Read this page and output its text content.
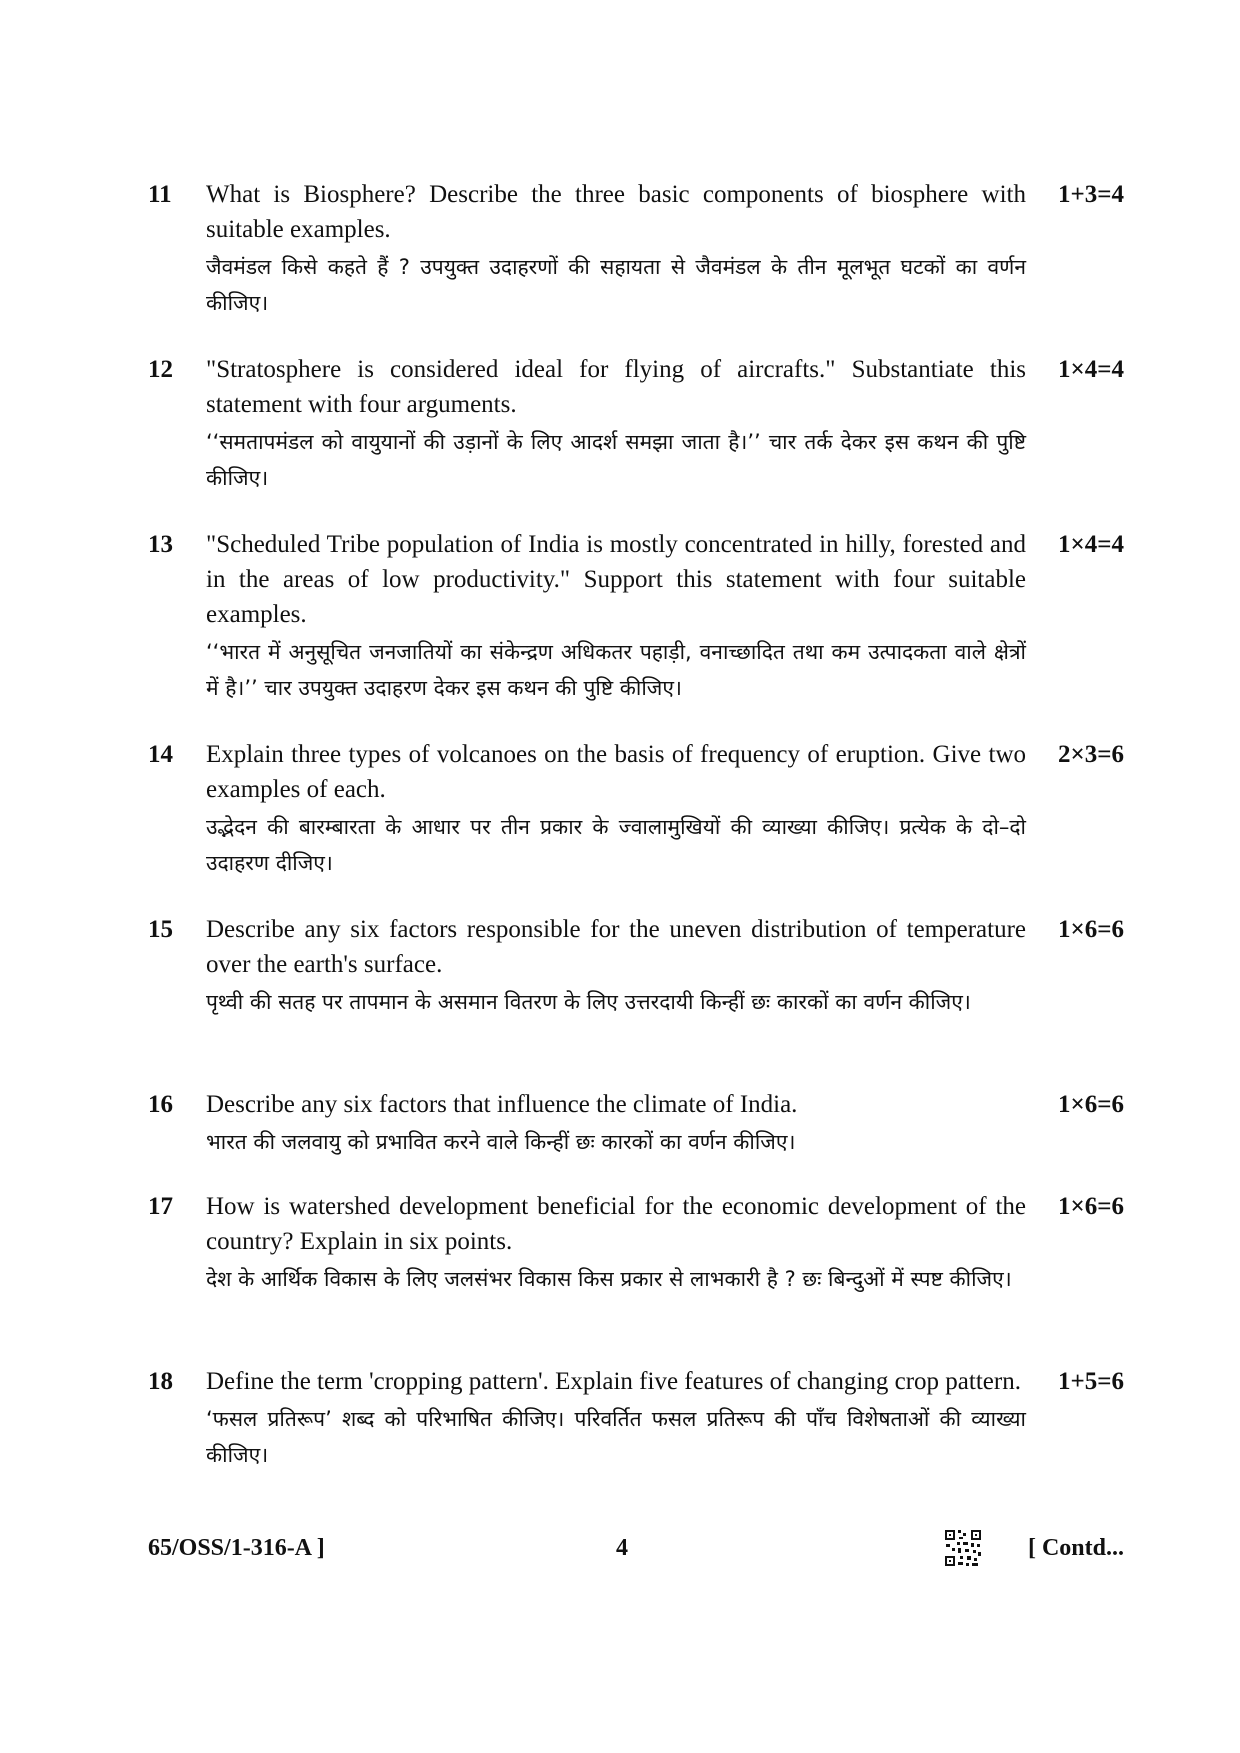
11	What is Biosphere? Describe the three basic components of biosphere with suitable examples.
जैवमंडल किसे कहते हैं ? उपयुक्त उदाहरणों की सहायता से जैवमंडल के तीन मूलभूत घटकों का वर्णन कीजिए।
1+3=4
12	"Stratosphere is considered ideal for flying of aircrafts." Substantiate this statement with four arguments.
‘‘समतापमंडल को वायुयानों की उड़ानों के लिए आदर्श समझा जाता है।’’ चार तर्क देकर इस कथन की पुष्टि कीजिए।
1×4=4
13	"Scheduled Tribe population of India is mostly concentrated in hilly, forested and in the areas of low productivity." Support this statement with four suitable examples.
‘‘भारत में अनुसूचित जनजातियों का संकेन्द्रण अधिकतर पहाड़ी, वनाच्छादित तथा कम उत्पादकता वाले क्षेत्रों में है।’’ चार उपयुक्त उदाहरण देकर इस कथन की पुष्टि कीजिए।
1×4=4
14	Explain three types of volcanoes on the basis of frequency of eruption. Give two examples of each.
उद्भेदन की बारम्बारता के आधार पर तीन प्रकार के ज्वालामुखियों की व्याख्या कीजिए। प्रत्येक के दो–दो उदाहरण दीजिए।
2×3=6
15	Describe any six factors responsible for the uneven distribution of temperature over the earth's surface.
पृथ्वी की सतह पर तापमान के असमान वितरण के लिए उत्तरदायी किन्हीं छः कारकों का वर्णन कीजिए।
1×6=6
16	Describe any six factors that influence the climate of India.
भारत की जलवायु को प्रभावित करने वाले किन्हीं छः कारकों का वर्णन कीजिए।
1×6=6
17	How is watershed development beneficial for the economic development of the country? Explain in six points.
देश के आर्थिक विकास के लिए जलसंभर विकास किस प्रकार से लाभकारी है ? छः बिन्दुओं में स्पष्ट कीजिए।
1×6=6
18	Define the term 'cropping pattern'. Explain five features of changing crop pattern.
‘फसल प्रतिरूप’ शब्द को परिभाषित कीजिए। परिवर्तित फसल प्रतिरूप की पाँच विशेषताओं की व्याख्या कीजिए।
1+5=6
65/OSS/1-316-A ]	4	[ Contd...
